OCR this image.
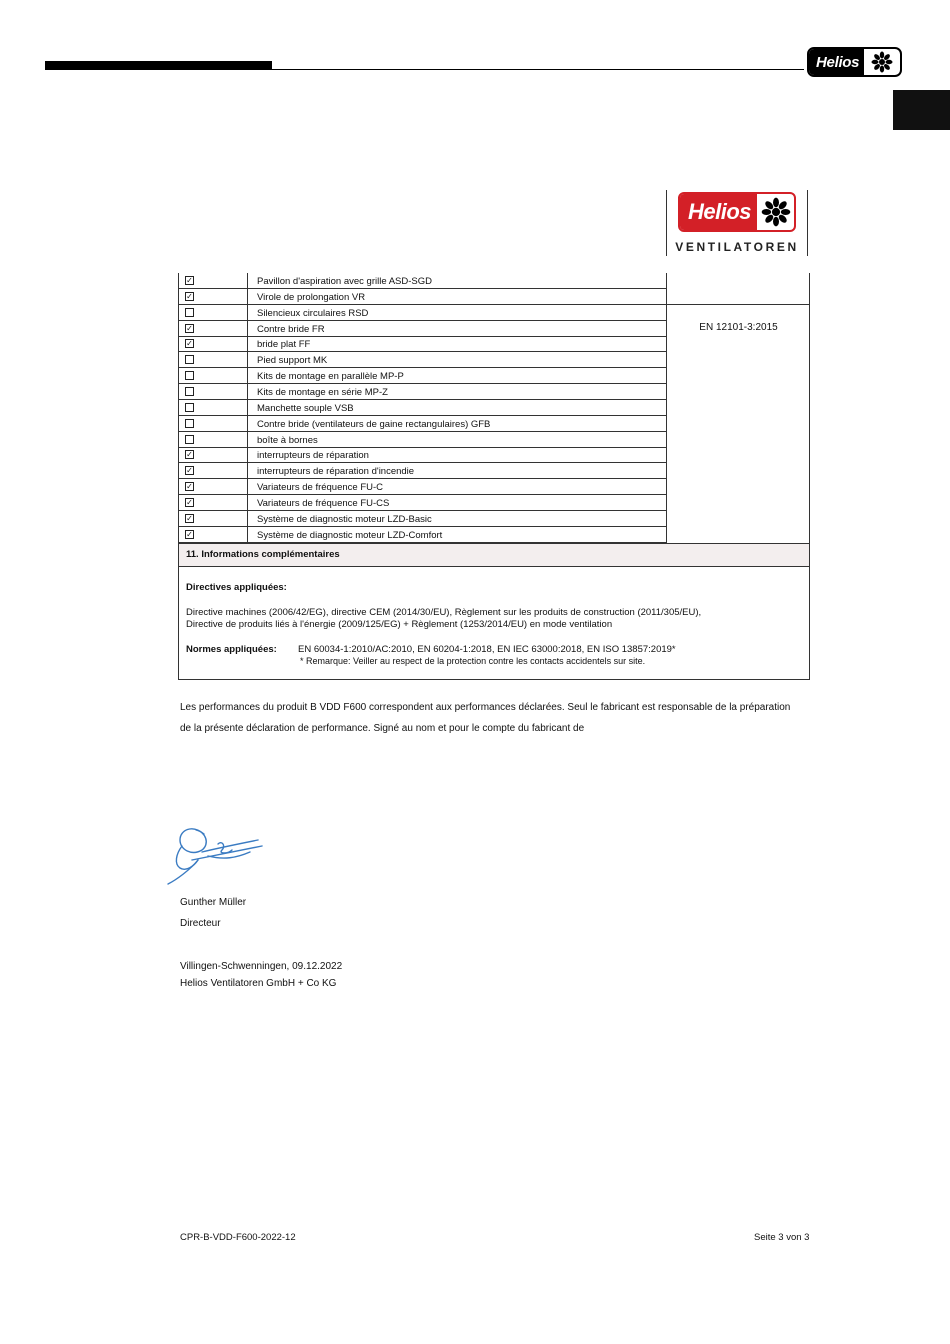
Helios
Helios
VENTILATOREN
EN 12101-3:2015
✓	Pavillon d'aspiration avec grille ASD-SGD
✓	Virole de prolongation VR
Silencieux circulaires RSD
✓	Contre bride FR
✓	bride plat FF
Pied support MK
Kits de montage en parallèle MP-P
Kits de montage en série MP-Z
Manchette souple VSB
Contre bride (ventilateurs de gaine rectangulaires) GFB
boîte à bornes
✓	interrupteurs de réparation
✓	interrupteurs de réparation d'incendie
✓	Variateurs de fréquence FU-C
✓	Variateurs de fréquence FU-CS
✓	Système de diagnostic moteur LZD-Basic
✓	Système de diagnostic moteur LZD-Comfort
11. Informations complémentaires
Directives appliquées:
Directive machines (2006/42/EG), directive CEM (2014/30/EU), Règlement sur les produits de construction (2011/305/EU),
Directive de produits liés à l'énergie (2009/125/EG) + Règlement (1253/2014/EU) en mode ventilation
Normes appliquées: EN 60034-1:2010/AC:2010, EN 60204-1:2018, EN IEC 63000:2018, EN ISO 13857:2019*
* Remarque: Veiller au respect de la protection contre les contacts accidentels sur site.
Les performances du produit B VDD F600 correspondent aux performances déclarées. Seul le fabricant est responsable de la préparation
de la présente déclaration de performance. Signé au nom et pour le compte du fabricant de
Gunther Müller
Directeur
Villingen-Schwenningen, 09.12.2022
Helios Ventilatoren GmbH + Co KG
CPR-B-VDD-F600-2022-12	Seite 3 von 3
